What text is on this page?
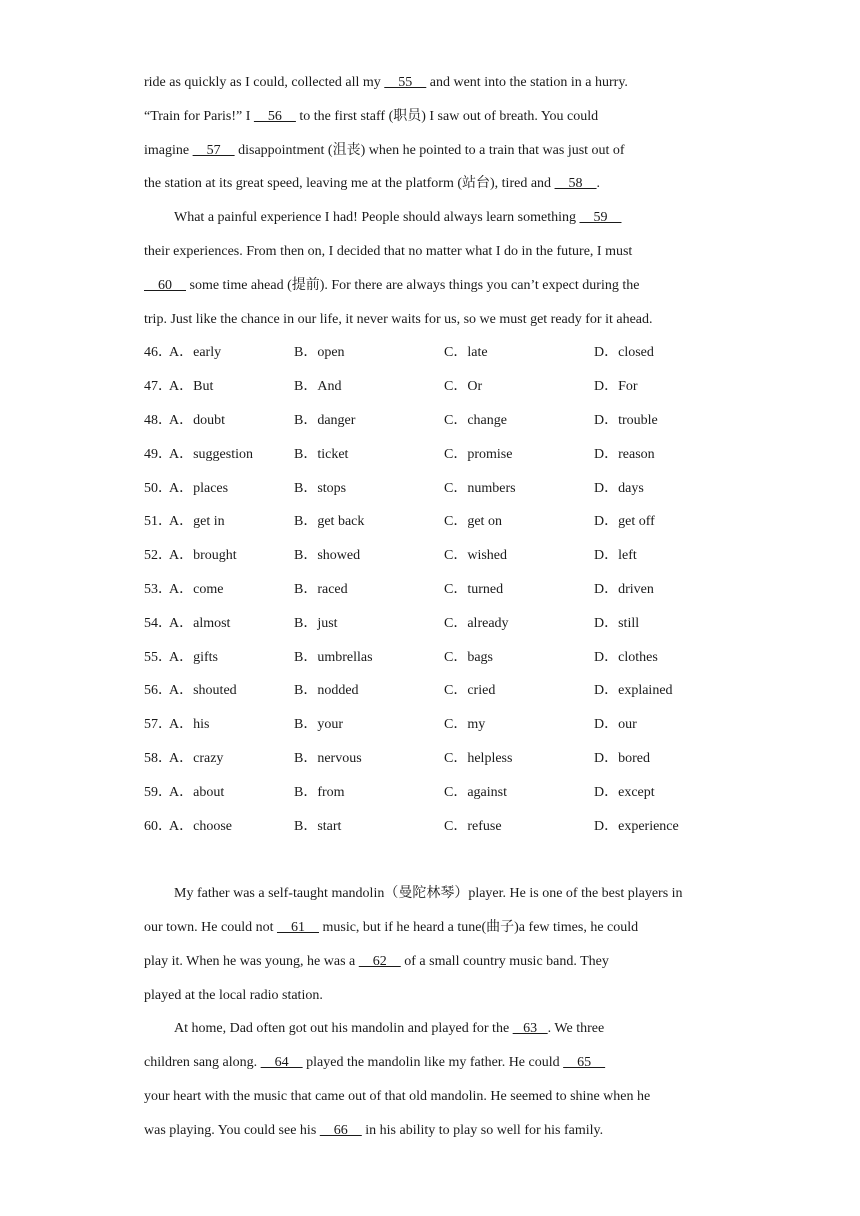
ride as quickly as I could, collected all my     55     and went into the station in a hurry.
“Train for Paris!” I     56     to the first staff (职员) I saw out of breath. You could
imagine     57     disappointment (沮丧) when he pointed to a train that was just out of
the station at its great speed, leaving me at the platform (站台), tired and     58    .
What a painful experience I had! People should always learn something     59
their experiences. From then on, I decided that no matter what I do in the future, I must
60     some time ahead (提前). For there are always things you can’t expect during the
trip. Just like the chance in our life, it never waits for us, so we must get ready for it ahead.
46．
A．early	B．open	C．late	D．closed
47．
A．But	B．And	C．Or	D．For
48．
A．doubt	B．danger	C．change	D．trouble
49．
A．suggestion	B．ticket	C．promise	D．reason
50．
A．places	B．stops	C．numbers	D．days
51．
A．get in	B．get back	C．get on	D．get off
52．
A．brought	B．showed	C．wished	D．left
53．
A．come	B．raced	C．turned	D．driven
54．
A．almost	B．just	C．already	D．still
55．
A．gifts	B．umbrellas	C．bags	D．clothes
56．
A．shouted	B．nodded	C．cried	D．explained
57．
A．his	B．your	C．my	D．our
58．
A．crazy	B．nervous	C．helpless	D．bored
59．
A．about	B．from	C．against	D．except
60．
A．choose	B．start	C．refuse	D．experience
My father was a self-taught mandolin（曼陀林琴）player. He is one of the best players in
our town. He could not     61     music, but if he heard a tune(曲子)a few times, he could
play it. When he was young, he was a     62     of a small country music band. They
played at the local radio station.
At home, Dad often got out his mandolin and played for the    63   . We three
children sang along.     64     played the mandolin like my father. He could     65
your heart with the music that came out of that old mandolin. He seemed to shine when he
was playing. You could see his     66     in his ability to play so well for his family.
